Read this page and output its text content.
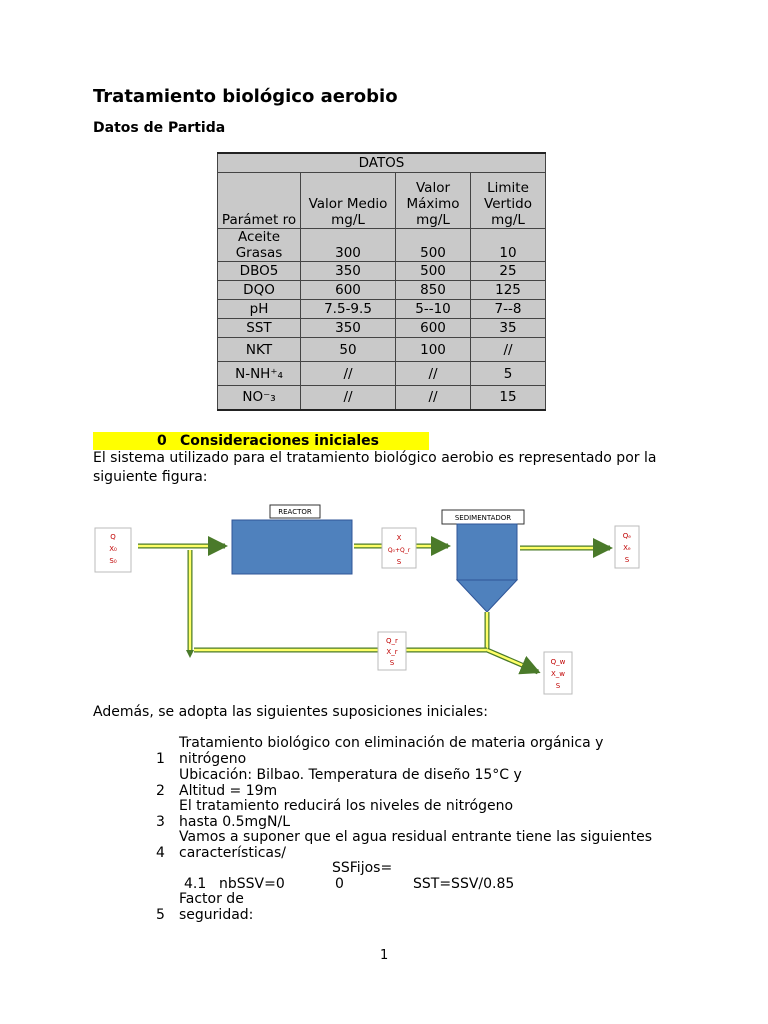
Tratamiento biológico aerobio
Datos de Partida
DATOS			
Parámet ro	Valor Medio mg/L	Valor Máximo mg/L	Limite Vertido mg/L
Aceite Grasas	300	500	10
DBO5	350	500	25
DQO	600	850	125
pH	7.5-9.5	5--10	7--8
SST	350	600	35
NKT	50	100	//
N-NH⁺₄	//	//	5
NO⁻₃	//	//	15
0 Consideraciones iniciales
El sistema utilizado para el tratamiento biológico aerobio es representado por la siguiente figura:
Q
X₀
S₀
REACTOR
X
Q₀+Q_r
S
SEDIMENTADOR
Qₑ
Xₑ
S
Q_r
X_r
S	Q_w
X_w
S
Además, se adopta las siguientes suposiciones iniciales:
Tratamiento biológico con eliminación de materia orgánica y
nitrógeno
1
Ubicación: Bilbao. Temperatura de diseño 15°C y
Altitud = 19m
2
El tratamiento reducirá los niveles de nitrógeno
hasta 0.5mgN/L
3
Vamos a suponer que el agua residual entrante tiene las siguientes
características/
4
SSFijos=
4.1 nbSSV=0	0	SST=SSV/0.85
Factor de
seguridad:
5
1
